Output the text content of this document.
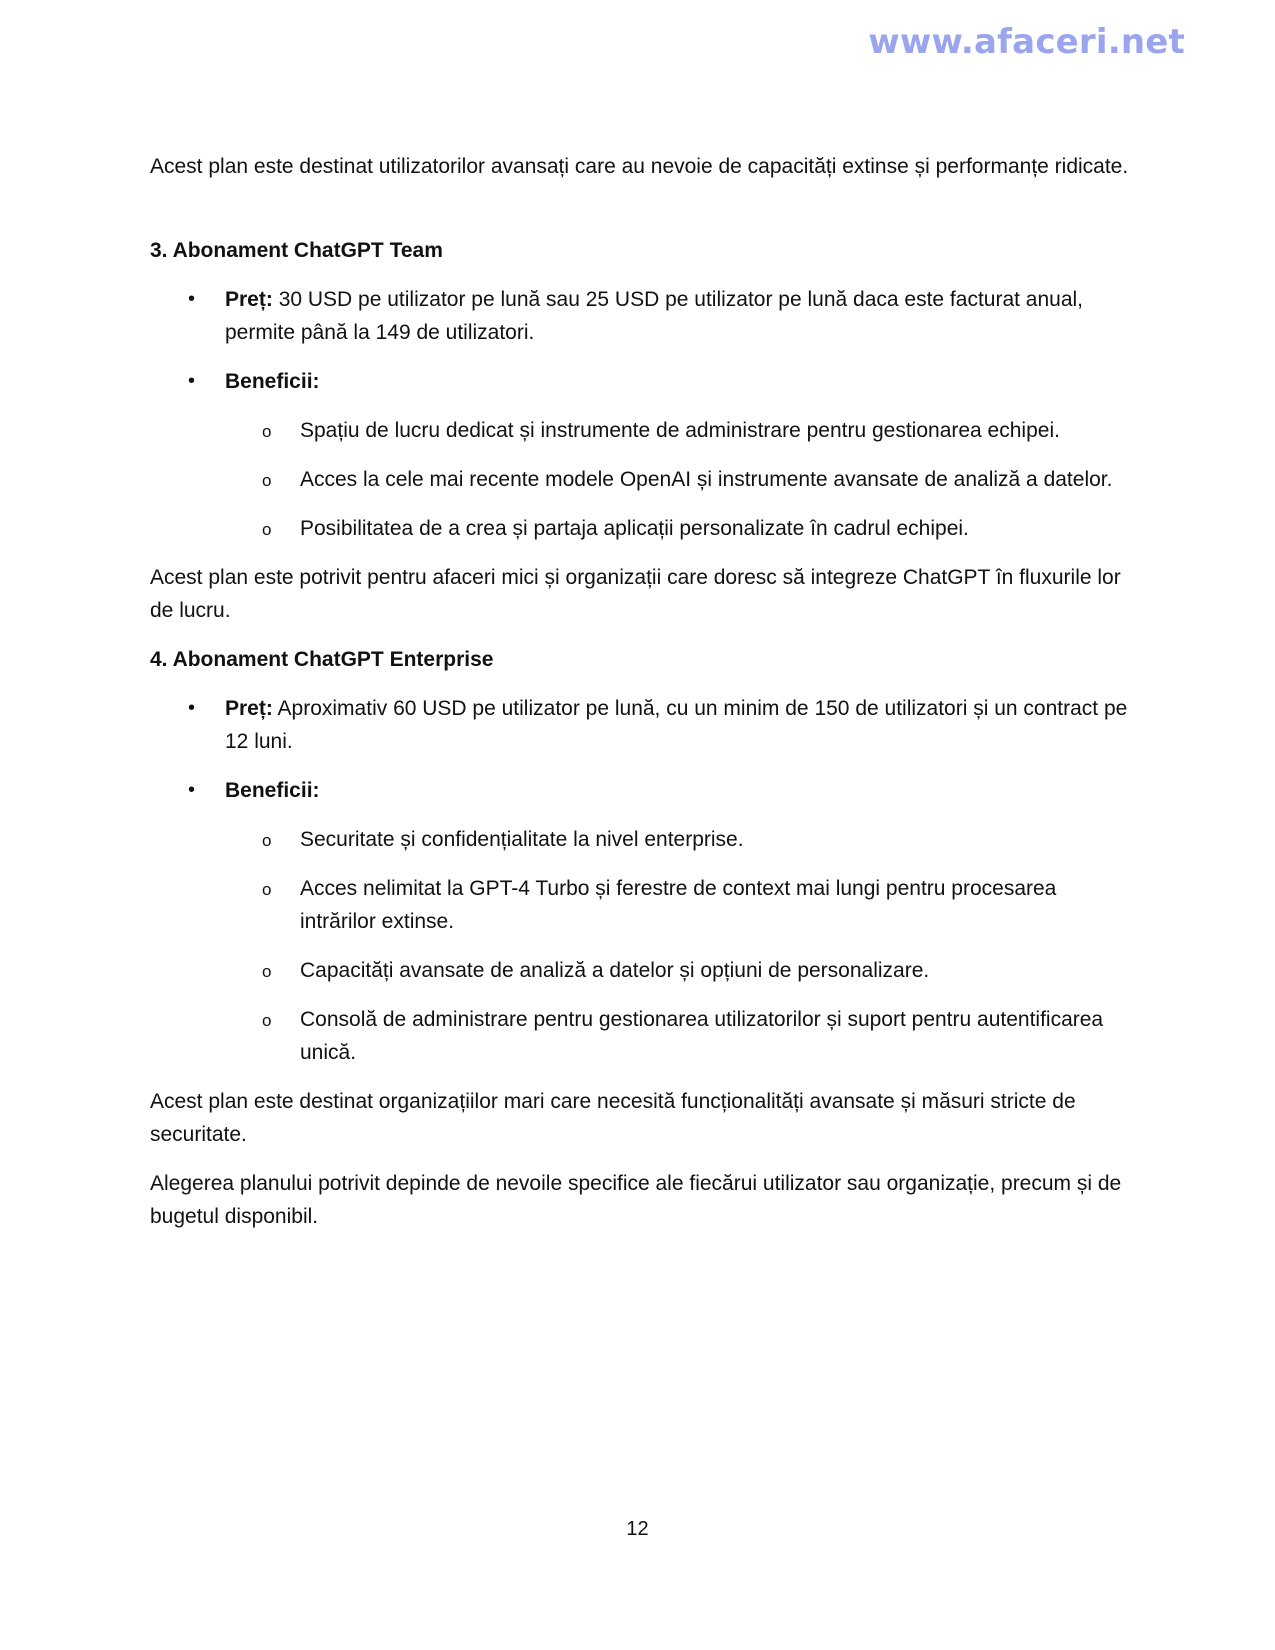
www.afaceri.net

Acest plan este destinat utilizatorilor avansați care au nevoie de capacități extinse și performanțe ridicate.

3. Abonament ChatGPT Team

• Preț: 30 USD pe utilizator pe lună sau 25 USD pe utilizator pe lună daca este facturat anual, permite până la 149 de utilizatori.
• Beneficii:
o Spațiu de lucru dedicat și instrumente de administrare pentru gestionarea echipei.
o Acces la cele mai recente modele OpenAI și instrumente avansate de analiză a datelor.
o Posibilitatea de a crea și partaja aplicații personalizate în cadrul echipei.

Acest plan este potrivit pentru afaceri mici și organizații care doresc să integreze ChatGPT în fluxurile lor de lucru.

4. Abonament ChatGPT Enterprise

• Preț: Aproximativ 60 USD pe utilizator pe lună, cu un minim de 150 de utilizatori și un contract pe 12 luni.
• Beneficii:
o Securitate și confidențialitate la nivel enterprise.
o Acces nelimitat la GPT-4 Turbo și ferestre de context mai lungi pentru procesarea intrărilor extinse.
o Capacități avansate de analiză a datelor și opțiuni de personalizare.
o Consolă de administrare pentru gestionarea utilizatorilor și suport pentru autentificarea unică.

Acest plan este destinat organizațiilor mari care necesită funcționalități avansate și măsuri stricte de securitate.

Alegerea planului potrivit depinde de nevoile specifice ale fiecărui utilizator sau organizație, precum și de bugetul disponibil.

12
